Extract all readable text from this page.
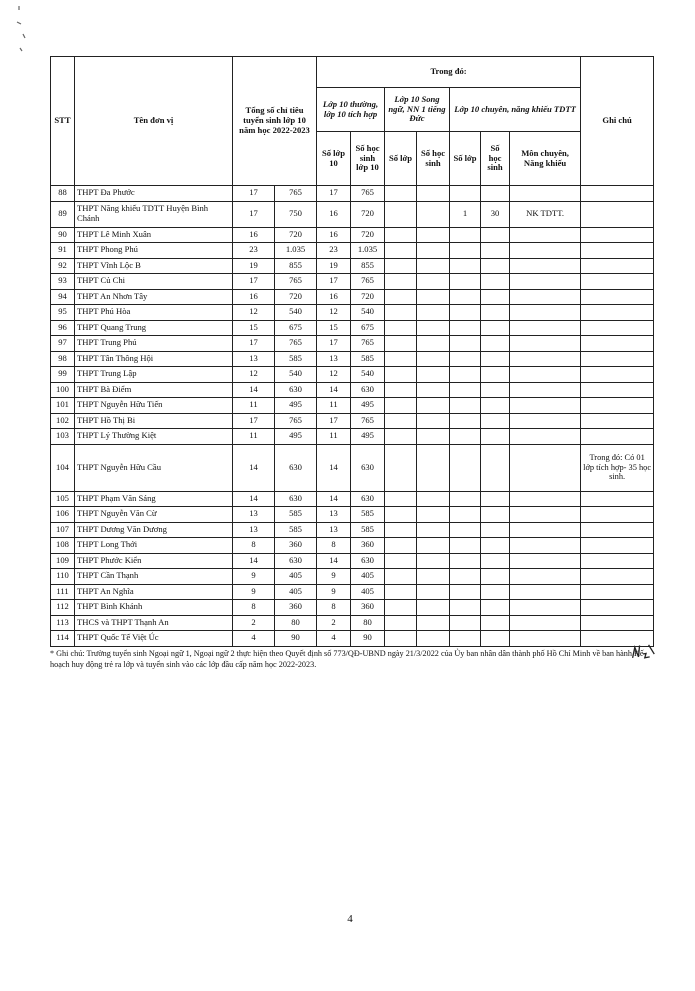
STT	Tên đơn vị	Tổng số chỉ tiêu tuyển sinh lớp 10 năm học 2022-2023		Trong đó:							Ghi chú
				Lớp 10 thường, lớp 10 tích hợp		Lớp 10 Song ngữ, NN 1 tiếng Đức		Lớp 10 chuyên, năng khiếu TDTT			
				Số lớp 10	Số học sinh lớp 10	Số lớp	Số học sinh	Số lớp	Số học sinh	Môn chuyên, Năng khiếu	
88	THPT Đa Phước	17	765	17	765						
89	THPT Năng khiếu TDTT Huyện Bình Chánh	17	750	16	720			1	30	NK TDTT.	
90	THPT Lê Minh Xuân	16	720	16	720						
91	THPT Phong Phú	23	1.035	23	1.035						
92	THPT Vĩnh Lộc B	19	855	19	855						
93	THPT Củ Chi	17	765	17	765						
94	THPT An Nhơn Tây	16	720	16	720						
95	THPT Phú Hòa	12	540	12	540						
96	THPT Quang Trung	15	675	15	675						
97	THPT Trung Phú	17	765	17	765						
98	THPT Tân Thông Hội	13	585	13	585						
99	THPT Trung Lập	12	540	12	540						
100	THPT Bà Điểm	14	630	14	630						
101	THPT Nguyễn Hữu Tiến	11	495	11	495						
102	THPT Hồ Thị Bi	17	765	17	765						
103	THPT Lý Thường Kiệt	11	495	11	495						
104	THPT Nguyễn Hữu Cầu	14	630	14	630						Trong đó: Có 01 lớp tích hợp- 35 học sinh.
105	THPT Phạm Văn Sáng	14	630	14	630						
106	THPT Nguyễn Văn Cừ	13	585	13	585						
107	THPT Dương Văn Dương	13	585	13	585						
108	THPT Long Thới	8	360	8	360						
109	THPT Phước Kiển	14	630	14	630						
110	THPT Cần Thạnh	9	405	9	405						
111	THPT An Nghĩa	9	405	9	405						
112	THPT Bình Khánh	8	360	8	360						
113	THCS và THPT Thạnh An	2	80	2	80						
114	THPT Quốc Tế Việt Úc	4	90	4	90						
* Ghi chú: Trường tuyển sinh Ngoại ngữ 1, Ngoại ngữ 2 thực hiện theo Quyết định số 773/QĐ-UBND ngày 21/3/2022 của Ủy ban nhân dân thành phố Hồ Chí Minh về ban hành Kế hoạch huy động trẻ ra lớp và tuyển sinh vào các lớp đầu cấp năm học 2022-2023.
4
